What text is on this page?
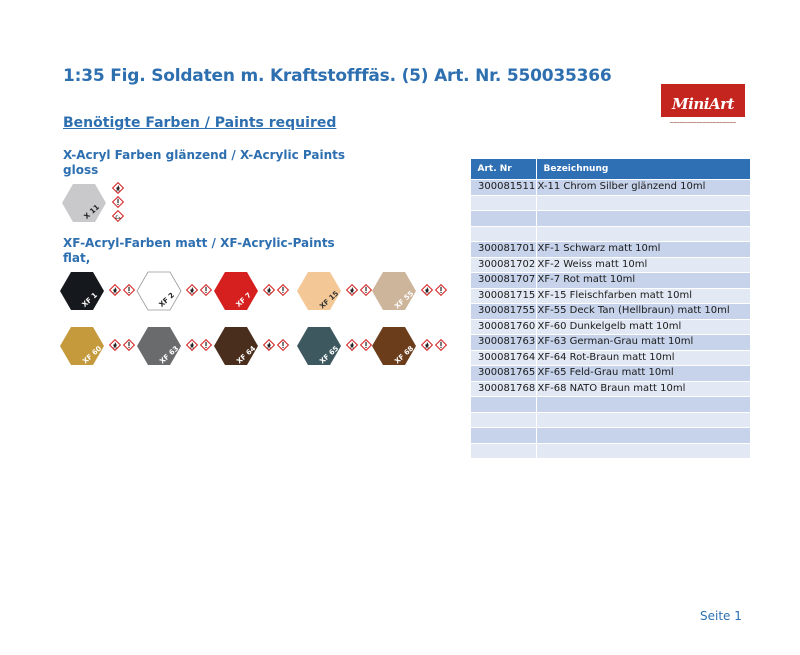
1:35 Fig. Soldaten m. Kraftstofffäs. (5) Art. Nr. 550035366
MiniArt
━━━━━━━━━━━━━━━━━━━━
Benötigte Farben / Paints required
X-Acryl Farben glänzend / X-Acrylic Paints gloss
XF-Acryl-Farben matt / XF-Acrylic-Paints flat,
X 11
XF 1	XF 2	XF 7	XF 15	XF 55
XF 60	XF 63	XF 64	XF 65	XF 68
Art. Nr	Bezeichnung
300081511	X-11 Chrom Silber glänzend 10ml

300081701	XF-1 Schwarz matt 10ml
300081702	XF-2 Weiss matt 10ml
300081707	XF-7 Rot matt 10ml
300081715	XF-15 Fleischfarben matt 10ml
300081755	XF-55 Deck Tan (Hellbraun) matt 10ml
300081760	XF-60 Dunkelgelb matt 10ml
300081763	XF-63 German-Grau matt 10ml
300081764	XF-64 Rot-Braun matt 10ml
300081765	XF-65 Feld-Grau matt 10ml
300081768	XF-68 NATO Braun matt 10ml

Seite 1
